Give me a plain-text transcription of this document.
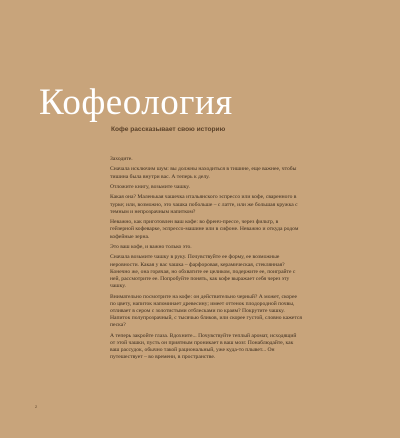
Кофеология
Кофе рассказывает свою историю

Заходите.

Сначала исключим шум: вы должны находиться в тишине, еще важнее, чтобы тишина была внутри вас. А теперь к делу.

Отложите книгу, возьмите чашку.

Какая она? Маленькая чашечка итальянского эспрессо или кофе, сваренного в турке; или, возможно, это чашка побольше – с латте, или же большая кружка с темным и непрозрачным напитком?

Неважно, как приготовлен ваш кофе: во френч-прессе, через фильтр, в гейзерной кофеварке, эспрессо-машине или в сифоне. Неважно и откуда родом кофейные зерна.

Это ваш кофе, и важно только это.

Сначала возьмите чашку в руку. Почувствуйте ее форму, ее возможные неровности. Какая у вас чашка – фарфоровая, керамическая, стеклянная? Конечно же, она горячая, но обхватите ее целиком, подержите ее, поиграйте с ней, рассмотрите ее. Попробуйте понять, как кофе выражает себя через эту чашку.

Внимательно посмотрите на кофе: он действительно черный? А может, скорее по цвету, напиток напоминает древесину; имеет оттенок плодородной почвы, отливает в сером с золотистыми отблесками по краям? Покрутите чашку. Напиток полупрозрачный, с тысячью бликов, или скорее густой, словно кажется песка?

А теперь закройте глаза. Вдохните... Почувствуйте теплый аромат, исходящий от этой чашки, пусть он приятным проникает в ваш мозг. Понаблюдайте, как ваш рассудок, обычно такой рациональный, уже куда-то плывет... Он путешествует – во времени, в пространстве.

2
